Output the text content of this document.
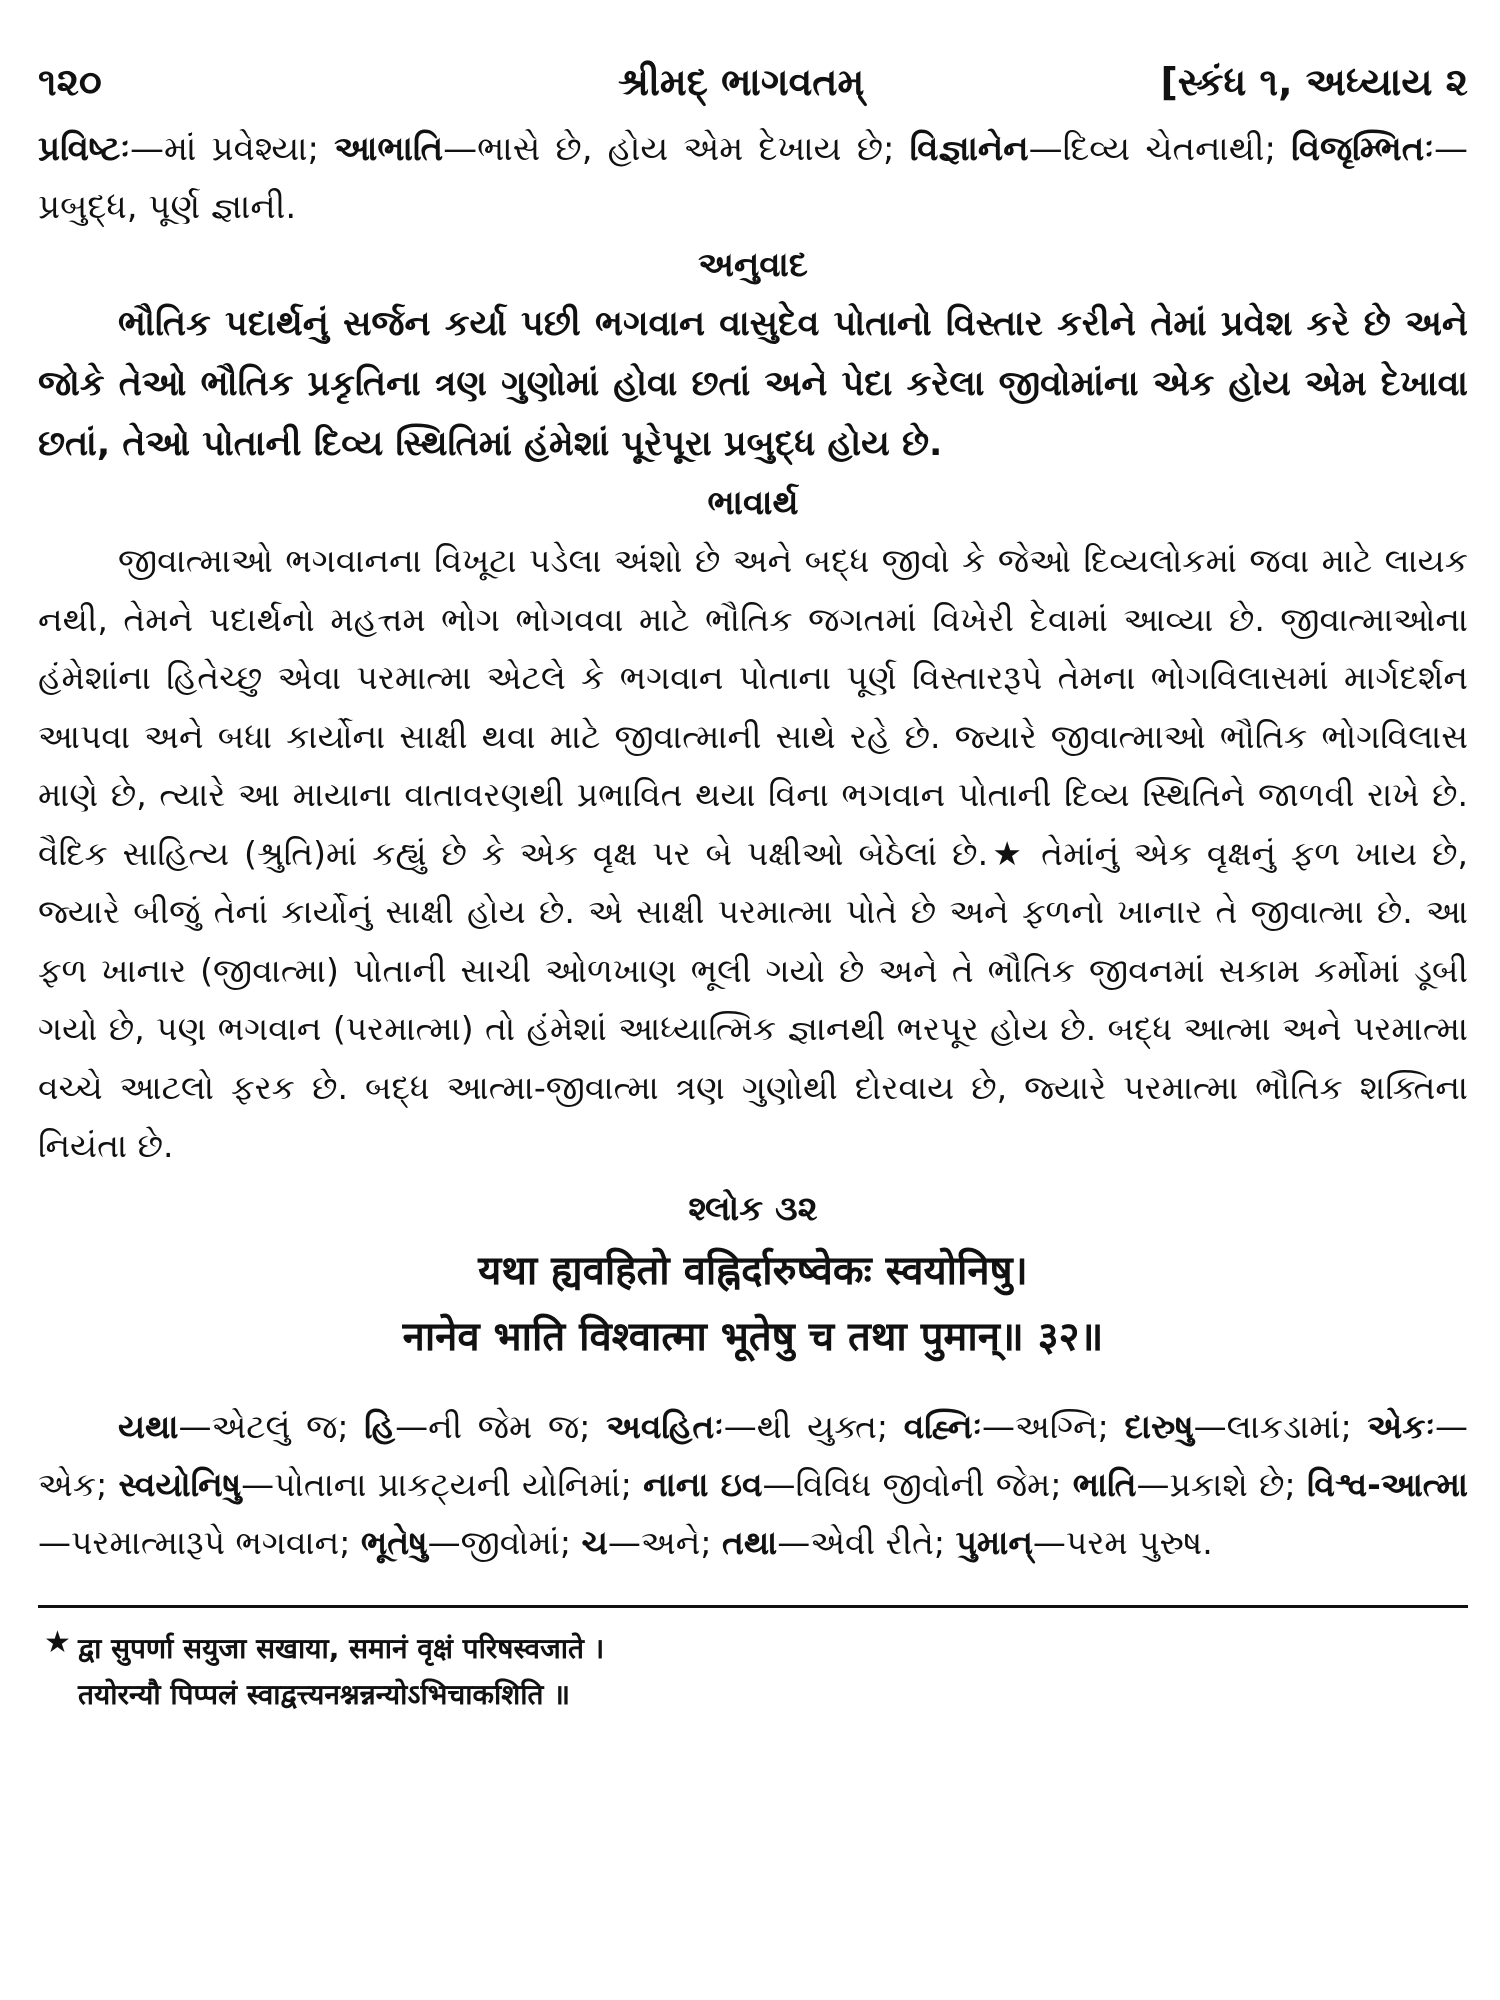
૧૨૦	શ્રીમદ્ ભાગવતમ્	[સ્કંધ ૧, અધ્યાય ૨

પ્રવિષ્ટઃ—માં પ્રવેશ્યા; આભાતિ—ભાસે છે, હોય એમ દેખાય છે; વિજ્ઞાનેન—દિવ્ય ચેતનાથી; વિજૃમ્ભિતઃ—પ્રબુદ્ધ, પૂર્ણ જ્ઞાની.

અનુવાદ

ભૌતિક પદાર્થનું સર્જન કર્યા પછી ભગવાન વાસુદેવ પોતાનો વિસ્તાર કરીને તેમાં પ્રવેશ કરે છે અને જોકે તેઓ ભૌતિક પ્રકૃતિના ત્રણ ગુણોમાં હોવા છતાં અને પેદા કરેલા જીવોમાંના એક હોય એમ દેખાવા છતાં, તેઓ પોતાની દિવ્ય સ્થિતિમાં હંમેશાં પૂરેપૂરા પ્રબુદ્ધ હોય છે.

ભાવાર્થ

જીવાત્માઓ ભગવાનના વિખૂટા પડેલા અંશો છે અને બદ્ધ જીવો કે જેઓ દિવ્યલોકમાં જવા માટે લાયક નથી, તેમને પદાર્થનો મહત્તમ ભોગ ભોગવવા માટે ભૌતિક જગતમાં વિખેરી દેવામાં આવ્યા છે. જીવાત્માઓના હંમેશાંના હિતેચ્છુ એવા પરમાત્મા એટલે કે ભગવાન પોતાના પૂર્ણ વિસ્તારરૂપે તેમના ભોગવિલાસમાં માર્ગદર્શન આપવા અને બધા કાર્યોના સાક્ષી થવા માટે જીવાત્માની સાથે રહે છે. જ્યારે જીવાત્માઓ ભૌતિક ભોગવિલાસ માણે છે, ત્યારે આ માયાના વાતાવરણથી પ્રભાવિત થયા વિના ભગવાન પોતાની દિવ્ય સ્થિતિને જાળવી રાખે છે. વૈદિક સાહિત્ય (શ્રુતિ)માં કહ્યું છે કે એક વૃક્ષ પર બે પક્ષીઓ બેઠેલાં છે.★ તેમાંનું એક વૃક્ષનું ફળ ખાય છે, જ્યારે બીજું તેનાં કાર્યોનું સાક્ષી હોય છે. એ સાક્ષી પરમાત્મા પોતે છે અને ફળનો ખાનાર તે જીવાત્મા છે. આ ફળ ખાનાર (જીવાત્મા) પોતાની સાચી ઓળખાણ ભૂલી ગયો છે અને તે ભૌતિક જીવનમાં સકામ કર્મોમાં ડૂબી ગયો છે, પણ ભગવાન (પરમાત્મા) તો હંમેશાં આધ્યાત્મિક જ્ઞાનથી ભરપૂર હોય છે. બદ્ધ આત્મા અને પરમાત્મા વચ્ચે આટલો ફરક છે. બદ્ધ આત્મા-જીવાત્મા ત્રણ ગુણોથી દોરવાય છે, જ્યારે પરમાત્મા ભૌતિક શક્તિના નિયંતા છે.

શ્લોક ૩૨

यथा ह्यवहितो वह्निर्दारुष्वेकः स्वयोनिषु।

नानेव भाति विश्वात्मा भूतेषु च तथा पुमान्॥ ३२॥

યથા—એટલું જ; હિ—ની જેમ જ; અવહિતઃ—થી યુક્ત; વહ્નિઃ—અગ્નિ; દારુષુ—લાકડામાં; એકઃ—એક; સ્વયોનિષુ—પોતાના પ્રાકટ્યની યોનિમાં; નાના ઇવ—વિવિધ જીવોની જેમ; ભાતિ—પ્રકાશે છે; વિશ્વ-આત્મા—પરમાત્મારૂપે ભગવાન; ભૂતેષુ—જીવોમાં; ચ—અને; તથા—એવી રીતે; પુમાન્—પરમ પુરુષ.

★ द्वा सुपर्णा सयुजा सखाया, समानं वृक्षं परिषस्वजाते ।
तयोरन्यौ पिप्पलं स्वाद्वत्त्यनश्नन्नन्योऽभिचाकशिति ॥
